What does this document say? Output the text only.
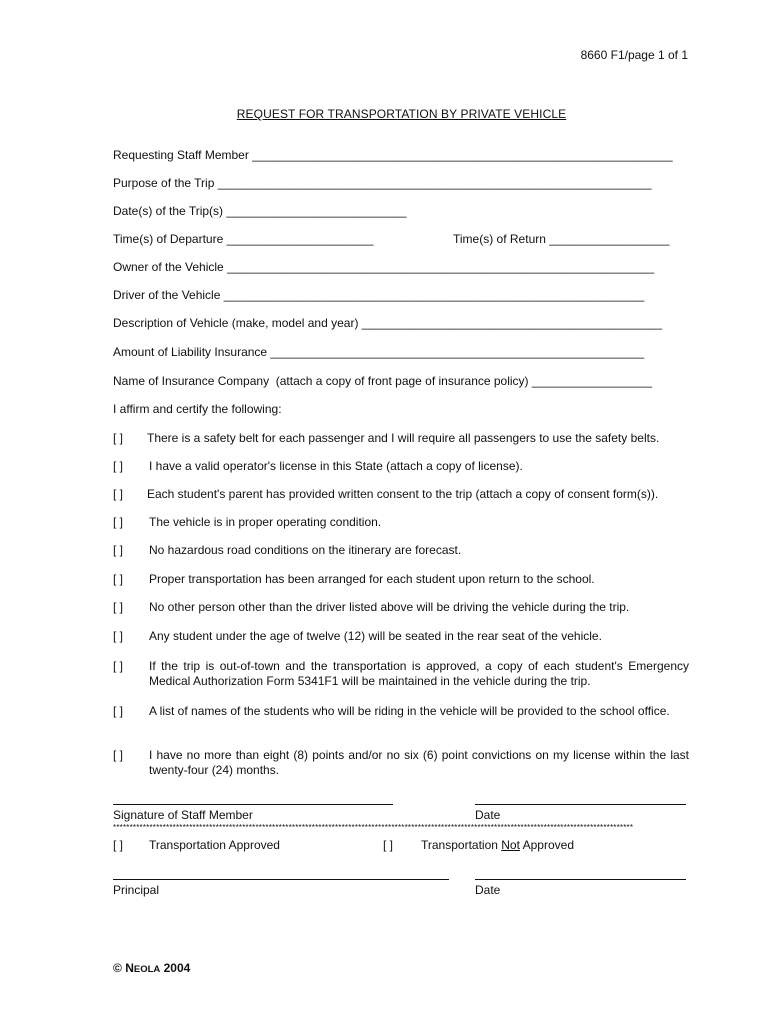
8660 F1/page 1 of 1
REQUEST FOR TRANSPORTATION BY PRIVATE VEHICLE
Requesting Staff Member _______________________________________________________________
Purpose of the Trip _________________________________________________________________
Date(s) of the Trip(s) ___________________________
Time(s) of Departure ______________________	Time(s) of Return __________________
Owner of the Vehicle ________________________________________________________________
Driver of the Vehicle _______________________________________________________________
Description of Vehicle (make, model and year) _____________________________________________
Amount of Liability Insurance ________________________________________________________
Name of Insurance Company  (attach a copy of front page of insurance policy) __________________
I affirm and certify the following:
[ ] There is a safety belt for each passenger and I will require all passengers to use the safety belts.
[ ] I have a valid operator's license in this State (attach a copy of license).
[ ] Each student's parent has provided written consent to the trip (attach a copy of consent form(s)).
[ ] The vehicle is in proper operating condition.
[ ] No hazardous road conditions on the itinerary are forecast.
[ ] Proper transportation has been arranged for each student upon return to the school.
[ ] No other person other than the driver listed above will be driving the vehicle during the trip.
[ ] Any student under the age of twelve (12) will be seated in the rear seat of the vehicle.
[ ] If the trip is out-of-town and the transportation is approved, a copy of each student's Emergency Medical Authorization Form 5341F1 will be maintained in the vehicle during the trip.
[ ] A list of names of the students who will be riding in the vehicle will be provided to the school office.
[ ] I have no more than eight (8) points and/or no six (6) point convictions on my license within the last twenty-four (24) months.
Signature of Staff Member	Date
*************************************************************************************************************************************************************
[ ] Transportation Approved	[ ] Transportation Not Approved
Principal	Date
© NEOLA 2004
